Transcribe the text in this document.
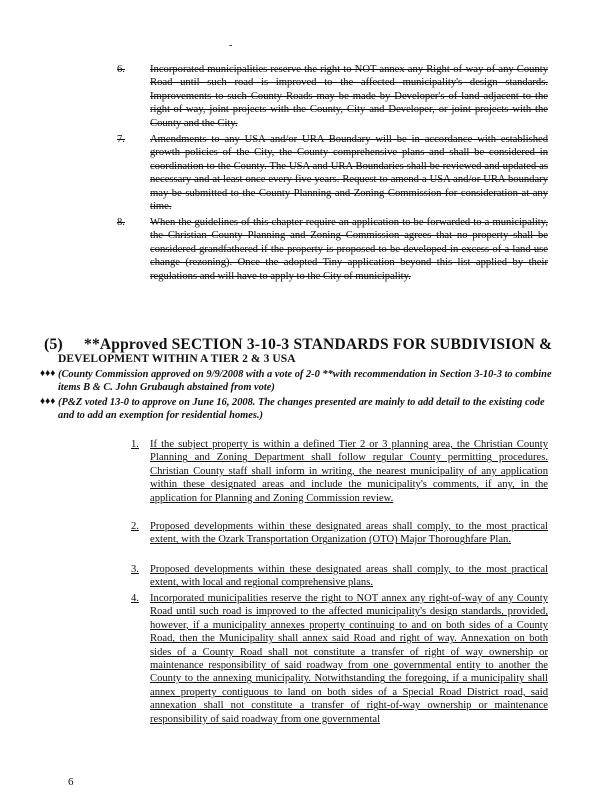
-
6. Incorporated municipalities reserve the right to NOT annex any Right-of-way of any County Road until such road is improved to the affected municipality's design standards. Improvements to such County Roads may be made by Developer's of land adjacent to the right-of-way, joint projects with the County, City and Developer, or joint projects with the County and the City.
7. Amendments to any USA and/or URA Boundary will be in accordance with established growth policies of the City, the County comprehensive plans and shall be considered in coordination to the County. The USA and URA Boundaries shall be reviewed and updated as necessary and at least once every five years. Request to amend a USA and/or URA boundary may be submitted to the County Planning and Zoning Commission for consideration at any time.
8. When the guidelines of this chapter require an application to be forwarded to a municipality, the Christian County Planning and Zoning Commission agrees that no property shall be considered grandfathered if the property is proposed to be developed in excess of a land use change (rezoning). Once the adopted Tiny application beyond this list applied by their regulations and will have to apply to the City of municipality.
(5) **Approved SECTION 3-10-3 STANDARDS FOR SUBDIVISION &
DEVELOPMENT WITHIN A TIER 2 & 3 USA
♦♦♦ (County Commission approved on 9/9/2008 with a vote of 2-0 **with recommendation in Section 3-10-3 to combine items B & C. John Grubaugh abstained from vote)
♦♦♦ (P&Z voted 13-0 to approve on June 16, 2008. The changes presented are mainly to add detail to the existing code and to add an exemption for residential homes.)
1. If the subject property is within a defined Tier 2 or 3 planning area, the Christian County Planning and Zoning Department shall follow regular County permitting procedures. Christian County staff shall inform in writing, the nearest municipality of any application within these designated areas and include the municipality's comments, if any, in the application for Planning and Zoning Commission review.
2. Proposed developments within these designated areas shall comply, to the most practical extent, with the Ozark Transportation Organization (OTO) Major Thoroughfare Plan.
3. Proposed developments within these designated areas shall comply, to the most practical extent, with local and regional comprehensive plans.
4. Incorporated municipalities reserve the right to NOT annex any right-of-way of any County Road until such road is improved to the affected municipality's design standards, provided, however, if a municipality annexes property continuing to and on both sides of a County Road, then the Municipality shall annex said Road and right of way. Annexation on both sides of a County Road shall not constitute a transfer of right of way ownership or maintenance responsibility of said roadway from one governmental entity to another the County to the annexing municipality. Notwithstanding the foregoing, if a municipality shall annex property contiguous to land on both sides of a Special Road District road, said annexation shall not constitute a transfer of right-of-way ownership or maintenance responsibility of said roadway from one governmental
6
